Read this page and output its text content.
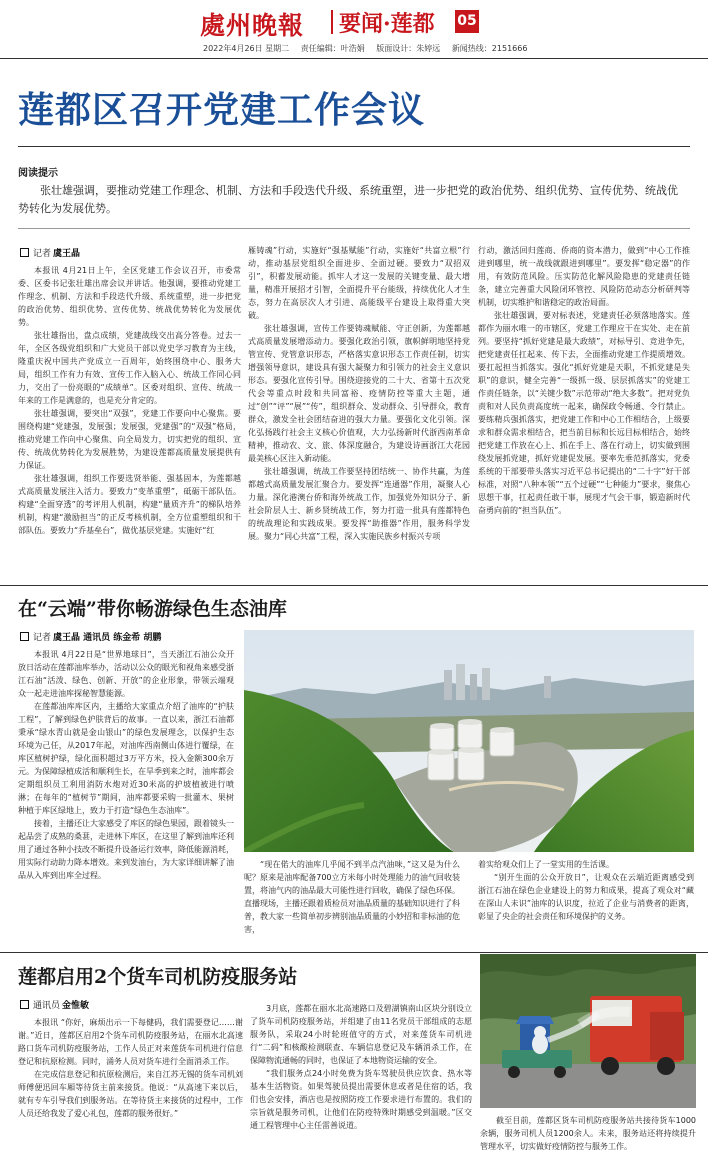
處州晚報 要闻·莲都 05
2022年4月26日 星期二 责任编辑：叶浩娟 版面设计：朱婷远 新闻热线：2151666
莲都区召开党建工作会议
阅读提示
张壮雄强调，要推动党建工作理念、机制、方法和手段迭代升级、系统重塑，进一步把党的政治优势、组织优势、宣传优势、统战优势转化为发展优势。
记者 虞王晶

本报讯 4月21日上午，全区党建工作会议召开，市委常委、区委书记张壮雄出席会议并讲话。他强调，要推动党建工作理念、机制、方法和手段迭代升级、系统重塑，进一步把党的政治优势、组织优势、宣传优势、统战优势转化为发展优势。

张壮雄指出，盘点成绩，党建战线交出高分答卷。过去一年，全区各级党组织和广大党员干部以党史学习教育为主线，隆重庆祝中国共产党成立一百周年，始终围绕中心、服务大局，组织工作有力有效、宣传工作入脑入心、统战工作同心同力，交出了一份亮眼的“成绩单”。区委对组织、宣传、统战一年来的工作是满意的，也是充分肯定的。

张壮雄强调，要突出“双强”，党建工作要向中心聚焦。要围绕构建“党建强，发展强；发展强，党建强”的“双强”格局，推动党建工作向中心聚焦、向全局发力，切实把党的组织、宣传、统战优势转化为发展胜势，为建设莲都高质量发展提供有力保证。

张壮雄强调，组织工作要选贤举能、强基固本，为莲都越式高质量发展注入活力。要致力“变革重塑”，砥砺干部队伍。构建“全面穿透”的考评用人机制，构建“量质齐升”的梯队培养机制，构建“激励担当”的正反考核机制，全方位重塑组织和干部队伍。要致力“乔基垒台”，做优基层党建。实施好“红

雁铸魂”行动，实施好“强基赋能”行动，实施好“共富立根”行动，推动基层党组织全面进步、全面过硬。要致力“双招双引”，积蓄发展动能。抓牢人才这一发展的关键变量、最大增量，精准开展招才引智，全面提升平台能级，持续优化人才生态，努力在高层次人才引进、高能级平台建设上取得重大突破。

张壮雄强调，宣传工作要铸魂赋能、守正创新，为莲都越式高质量发展增添动力。要强化政治引领，旗帜鲜明地坚持党管宣传、党管意识形态，严格落实意识形态工作责任制，切实增强领导意识，建设具有强大凝聚力和引领力的社会主义意识形态。要强化宣传引导。围绕迎接党的二十大、省第十五次党代会等重点时段和共同富裕、疫情防控等重大主题，通过“创”“评”“展”“传”，组织群众、发动群众、引导群众，教育群众，激发全社会团结奋进的强大力量。要强化文化引领。深化弘扬践行社会主义核心价值观，大力弘扬新时代浙西南革命精神，推动农、文、旅、体深度融合，为建设诗画浙江大花园最美核心区注入新动能。

张壮雄强调，统战工作要坚持团结统一、协作共赢，为莲都越式高质量发展汇聚合力。要发挥“连通器”作用，凝聚人心力量。深化港澳台侨和海外统战工作，加强党外知识分子、新社会阶层人士、新乡贤统战工作，努力打造一批具有莲都特色的统战理论和实践成果。要发挥“助推器”作用，服务科学发展。聚力“同心共富”工程，深入实施民族乡村振兴专项

行动，激活回归莲商、侨商的资本潜力，做到“中心工作推进到哪里，统一战线就跟进到哪里”。要发挥“稳定器”的作用，有效防范风险。压实防范化解风险隐患的党建责任链条，建立完善重大风险闭环管控、风险防范动态分析研判等机制，切实维护和谐稳定的政治局面。

张壮雄强调，要对标表述，党建责任必须落地落实。莲都作为丽水唯一的市辖区，党建工作理应干在实处、走在前列。要坚持“抓好党建是最大政绩”，对标导引、竞进争先，把党建责任扛起来、传下去，全面推动党建工作提质增效。要扛起担当抓落实。强化“抓好党建是天职，不抓党建是失职”的意识，健全完善“一级抓一级、层层抓落实”的党建工作责任链条，以“关键少数”示范带动“绝大多数”。把对党负责和对人民负责高度统一起来，确保政令畅通、令行禁止。要练精兵强抓落实，把党建工作和中心工作相结合，上级要求和群众需求相结合，把当前目标和长远目标相结合，始终把党建工作放在心上、抓在手上、落在行动上，切实做到围绕发展抓党建，抓好党建促发展。要率先垂范抓落实，党委系统的干部要带头落实习近平总书记提出的“二十字”好干部标准，对照“八种本领”“五个过硬”“七种能力”要求，聚焦心思想干事，扛起责任敢干事，展现才气会干事，锻造新时代奋勇向前的“担当队伍”。

在“云端”带你畅游绿色生态油库
记者 虞王晶 通讯员 练金希 胡鹏

本报讯 4月22日是“世界地球日”，当天浙江石油公众开放日活动在莲都油库举办，活动以公众的眼光和视角来感受浙江石油“活泼、绿色、创新、开放”的企业形象，带领云端观众一起走进油库探秘智慧能源。

在莲都油库库区内，主播给大家重点介绍了油库的“护肤工程”，了解到绿色护肤背后的故事。一直以来，浙江石油都秉承“绿水青山就是金山银山”的绿色发展理念，以保护生态环境为己任，从2017年起，对油库西南侧山体进行覆绿，在库区植树护绿，绿化面积超过3万平方米，投入金额300余万元。为保障绿植成活和顺利生长，在旱季到来之时，油库都会定期组织员工利用消防水炮对近30米高的护坡植被进行喷淋；在每年的“植树节”期间，油库都要采购一批灌木、果树种植于库区绿地上，致力于打造“绿色生态油库”。

接着，主播还让大家感受了库区的绿色果园，跟着镜头一起品尝了成熟的桑葚，走进林下库区，在这里了解到油库还利用了通过各种小技改不断提升设备运行效率，降低能源消耗，用实际行动助力降本增效。来到发油台，为大家详细讲解了油品从入库到出库全过程。

“现在偌大的油库几乎闻不到半点汽油味，”这又是为什么呢？原来是油库配备700立方米每小时处理能力的油气回收装置，将油气内的油品最大可能性进行回收，确保了绿色环保。直播现场，主播还跟着质检员对油品质量的基础知识进行了科普，教大家一些简单初步辨别油品质量的小妙招和非标油的危害，

着实给观众们上了一堂实用的生活课。

“别开生面的公众开放日”，让观众在云端近距离感受到浙江石油在绿色企业建设上的努力和成果，提高了观众对“藏在深山人未识”油库的认识度，拉近了企业与消费者的距离，彰显了央企的社会责任和环境保护的义务。

莲都启用2个货车司机防疫服务站
通讯员 金惟敏

本报讯 “你好，麻烦出示一下每健码，我们需要登记……谢谢。”近日，莲都区启用2个货车司机防疫服务站，在丽水北高速路口货车司机防疫服务站，工作人员正对来莲货车司机进行信息登记和抗原检测。同时，涌务人员对货车进行全面消杀工作。

在完成信息登记和抗原检测后，来自江苏无锡的货车司机刘师傅便迅回车厢等待货主前来接货。他说：“从高速下来以后，就有专车引导我们到服务站。在等待货主来接货的过程中，工作人员还给我发了爱心礼包，莲都的服务很好。”

3月底，莲都在丽水北高速路口及碧湖镇南山区块分别设立了货车司机防疫服务站，并组建了由11名党员干部组成的志愿服务队，采取24小时轮班值守的方式，对来莲货车司机进行“二码”和核酸检测联查、车辆信息登记及车辆消杀工作，在保障物流通畅的同时，也保证了本地物资运输的安全。

“我们服务点24小时免费为货车驾驶员供应饮食、热水等基本生活物资。如果驾驶员提出需要休息或者是住宿的话，我们也会安排，酒店也是按照防疫工作要求进行布置的。我们的宗旨就是服务司机，让他们在防疫特殊时期感受到温暖。”区交通工程管理中心主任雷善说道。

截至目前，莲都区货车司机防疫服务站共接待货车1000余辆，服务司机人员1200余人。未来，服务站还将持续提升管理水平，切实做好疫情防控与服务工作。
